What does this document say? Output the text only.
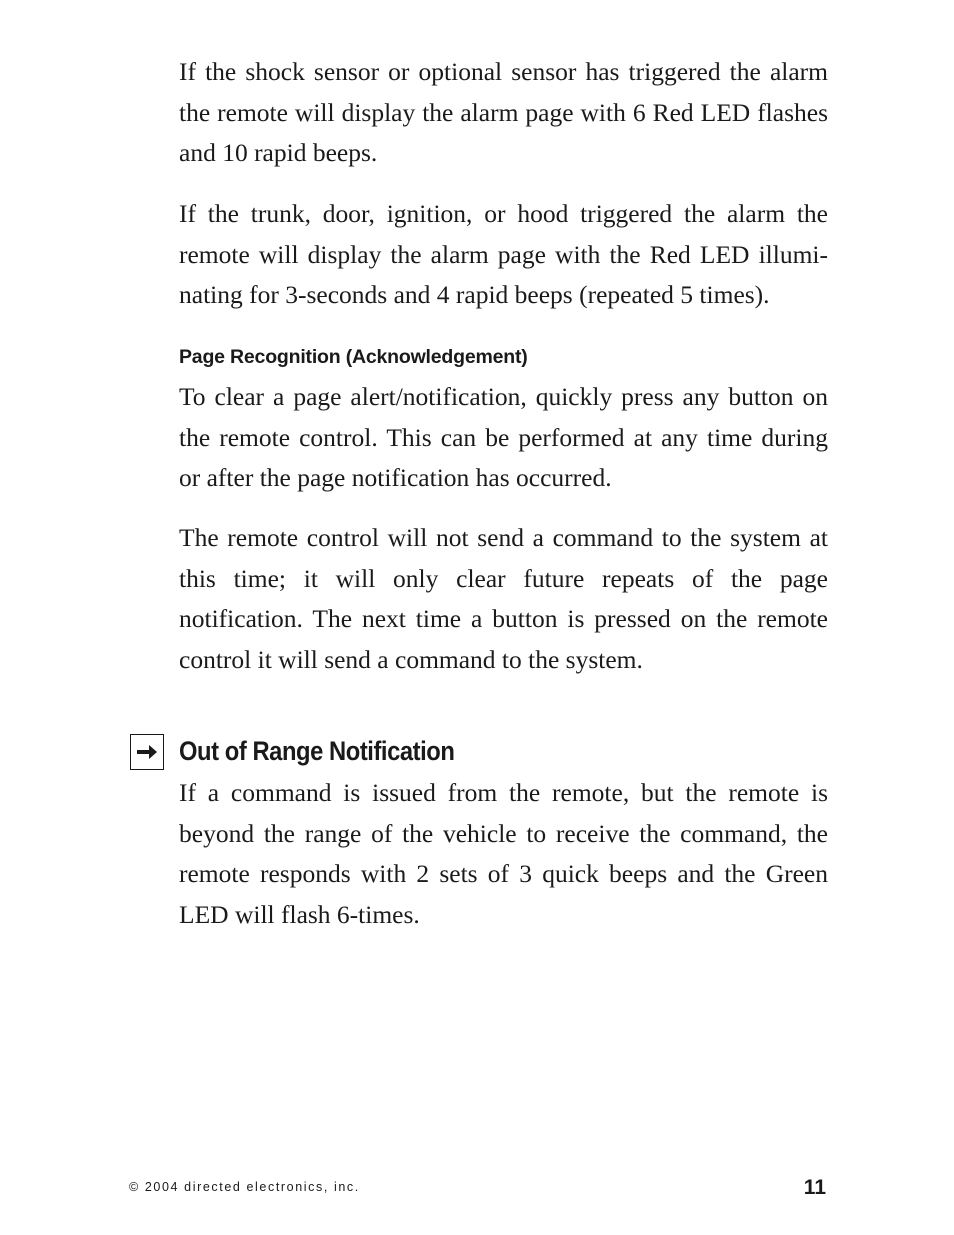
If the shock sensor or optional sensor has triggered the alarm the remote will display the alarm page with 6 Red LED flashes and 10 rapid beeps.

If the trunk, door, ignition, or hood triggered the alarm the remote will display the alarm page with the Red LED illuminating for 3-seconds and 4 rapid beeps (repeated 5 times).

Page Recognition (Acknowledgement)

To clear a page alert/notification, quickly press any button on the remote control. This can be performed at any time during or after the page notification has occurred.

The remote control will not send a command to the system at this time; it will only clear future repeats of the page notification. The next time a button is pressed on the remote control it will send a command to the system.

Out of Range Notification

If a command is issued from the remote, but the remote is beyond the range of the vehicle to receive the command, the remote responds with 2 sets of 3 quick beeps and the Green LED will flash 6-times.

© 2004 directed electronics, inc.	11
